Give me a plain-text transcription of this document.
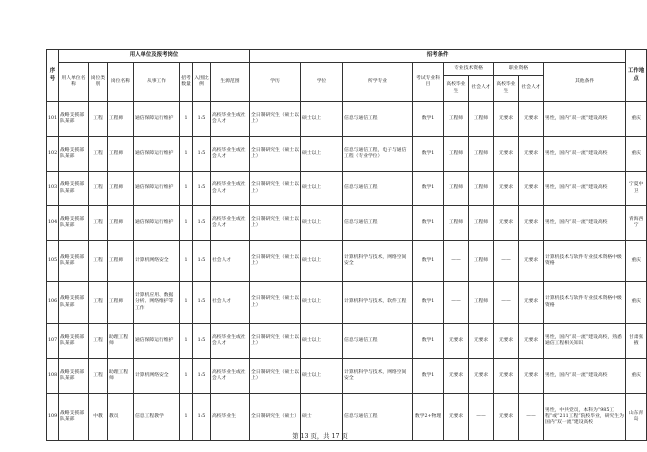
序号	用人单位及报考岗位							招考条件									工作地点
	用人单位名称	岗位类别	岗位名称	从事工作	招考数量	入围比例	生源范围	学历	学位	所学专业	考试专业科目	专业技术资格		职业资格		其他条件	
												高校毕业生	社会人才	高校毕业生	社会人才		
101	战略支援部队某部	工程	工程师	通信保障运行维护	1	1:5	高校毕业生或社会人才	全日制研究生（硕士以上）	硕士以上	信息与通信工程	数学1	工程师	工程师	无要求	无要求	男性，国内“双一流”建设高校	重庆
102	战略支援部队某部	工程	工程师	通信保障运行维护	1	1:5	高校毕业生或社会人才	全日制研究生（硕士以上）	硕士以上	信息与通信工程，电子与通信工程（专业学位）	数学1	工程师	工程师	无要求	无要求	男性，国内“双一流”建设高校	重庆
103	战略支援部队某部	工程	工程师	通信保障运行维护	1	1:5	高校毕业生或社会人才	全日制研究生（硕士以上）	硕士以上	信息与通信工程	数学1	工程师	工程师	无要求	无要求	男性，国内“双一流”建设高校	宁夏中卫
104	战略支援部队某部	工程	工程师	通信保障运行维护	1	1:5	高校毕业生或社会人才	全日制研究生（硕士以上）	硕士以上	信息与通信工程	数学1	工程师	工程师	无要求	无要求	男性，国内“双一流”建设高校	青海西宁
105	战略支援部队某部	工程	工程师	计算机网络安全	1	1:5	社会人才	全日制研究生（硕士以上）	硕士以上	计算机科学与技术，网络空间安全	数学1	——	工程师	——	无要求	计算机技术与软件专业技术资格中级资格	重庆
106	战略支援部队某部	工程	工程师	计算机应用、数据分析、网络维护等工作	1	1:5	社会人才	全日制研究生（硕士以上）	硕士以上	计算机科学与技术，软件工程	数学1	——	工程师	——	无要求	计算机技术与软件专业技术资格中级资格	重庆
107	战略支援部队某部	工程	助理工程师	通信保障运行维护	1	1:5	高校毕业生或社会人才	全日制研究生（硕士以上）	硕士以上	信息与通信工程	数学1	无要求	无要求	无要求	无要求	男性，国内“双一流”建设高校，熟悉通信工程相关知识	甘肃张掖
108	战略支援部队某部	工程	助理工程师	计算机网络安全	1	1:5	高校毕业生或社会人才	全日制研究生（硕士以上）	硕士以上	计算机科学与技术，网络空间安全	数学1	无要求	无要求	无要求	无要求	男性，国内“双一流”建设高校	重庆
109	战略支援部队某部	中教	教员	信息工程教学	1	1:5	高校毕业生	全日制研究生（硕士）	硕士	信息与通信工程	数学2+物理	无要求	——	无要求	——	男性，中共党员，本科为“985工程”或“211工程”院校毕业，研究生为国内“双一流”建设高校	山东青岛
第 13 页，共 17 页
